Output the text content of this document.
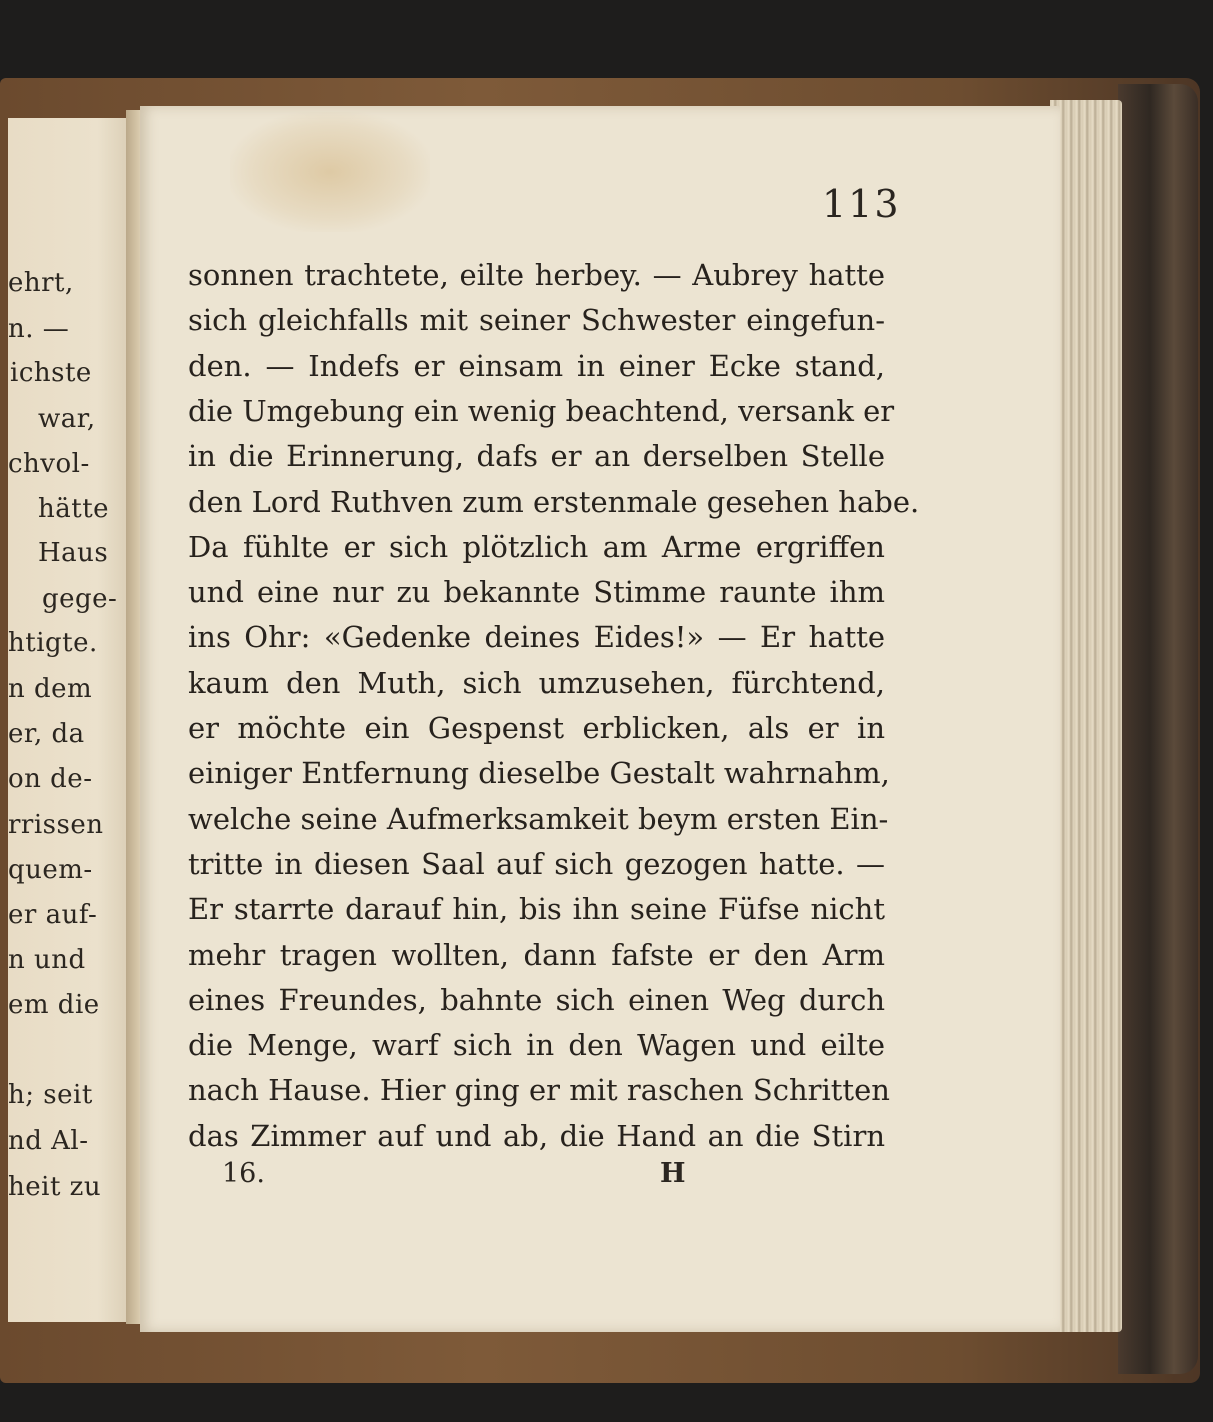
113
sonnen trachtete, eilte herbey. — Aubrey hatte
sich gleichfalls mit seiner Schwester eingefun-
den. — Indefs er einsam in einer Ecke stand,
die Umgebung ein wenig beachtend, versank er
in die Erinnerung, dafs er an derselben Stelle
den Lord Ruthven zum erstenmale gesehen habe.
Da fühlte er sich plötzlich am Arme ergriffen
und eine nur zu bekannte Stimme raunte ihm
ins Ohr: «Gedenke deines Eides!» — Er hatte
kaum den Muth, sich umzusehen, fürchtend,
er möchte ein Gespenst erblicken, als er in
einiger Entfernung dieselbe Gestalt wahrnahm,
welche seine Aufmerksamkeit beym ersten Ein-
tritte in diesen Saal auf sich gezogen hatte. —
Er starrte darauf hin, bis ihn seine Füfse nicht
mehr tragen wollten, dann fafste er den Arm
eines Freundes, bahnte sich einen Weg durch
die Menge, warf sich in den Wagen und eilte
nach Hause. Hier ging er mit raschen Schritten
das Zimmer auf und ab, die Hand an die Stirn
16.	H
ehrt,
n. —
ichste
war,
chvol-
hätte
Haus
gege-
htigte.
n dem
er, da
on de-
rrissen
quem-
er auf-
n und
em die
h; seit
nd Al-
heit zu
